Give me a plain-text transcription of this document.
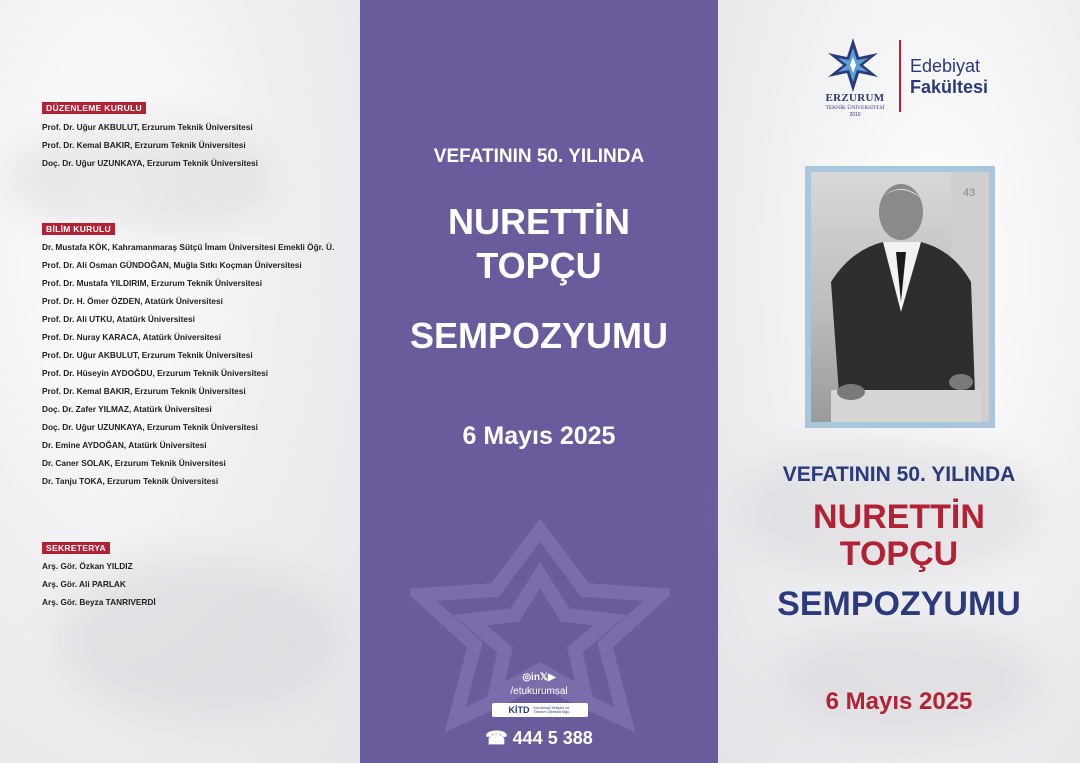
DÜZENLEME KURULU
Prof. Dr. Uğur AKBULUT, Erzurum Teknik Üniversitesi
Prof. Dr. Kemal BAKIR, Erzurum Teknik Üniversitesi
Doç. Dr. Uğur UZUNKAYA, Erzurum Teknik Üniversitesi
BİLİM KURULU
Dr. Mustafa KÖK, Kahramanmaraş Sütçü İmam Üniversitesi Emekli Öğr. Ü.
Prof. Dr. Ali Osman GÜNDOĞAN, Muğla Sıtkı Koçman Üniversitesi
Prof. Dr. Mustafa YILDIRIM, Erzurum Teknik Üniversitesi
Prof. Dr. H. Ömer ÖZDEN, Atatürk Üniversitesi
Prof. Dr. Ali UTKU, Atatürk Üniversitesi
Prof. Dr. Nuray KARACA, Atatürk Üniversitesi
Prof. Dr. Uğur AKBULUT, Erzurum Teknik Üniversitesi
Prof. Dr. Hüseyin AYDOĞDU, Erzurum Teknik Üniversitesi
Prof. Dr. Kemal BAKIR, Erzurum Teknik Üniversitesi
Doç. Dr. Zafer YILMAZ, Atatürk Üniversitesi
Doç. Dr. Uğur UZUNKAYA, Erzurum Teknik Üniversitesi
Dr. Emine AYDOĞAN, Atatürk Üniversitesi
Dr. Caner SOLAK, Erzurum Teknik Üniversitesi
Dr. Tanju TOKA, Erzurum Teknik Üniversitesi
SEKRETERYA
Arş. Gör. Özkan YILDIZ
Arş. Gör. Ali PARLAK
Arş. Gör. Beyza TANRIVERDİ
VEFATININ 50. YILINDA
NURETTİN
TOPÇU
SEMPOZYUMU
6 Mayıs 2025
◎in𝕏▶
/etukurumsal
KİTD Kurumsal İletişim ve Tanıtım Direktörlüğü
☎ 444 5 388
ERZURUM
TEKNİK ÜNİVERSİTESİ
2010
Edebiyat
Fakültesi
43
VEFATININ 50. YILINDA
NURETTİN
TOPÇU
SEMPOZYUMU
6 Mayıs 2025
